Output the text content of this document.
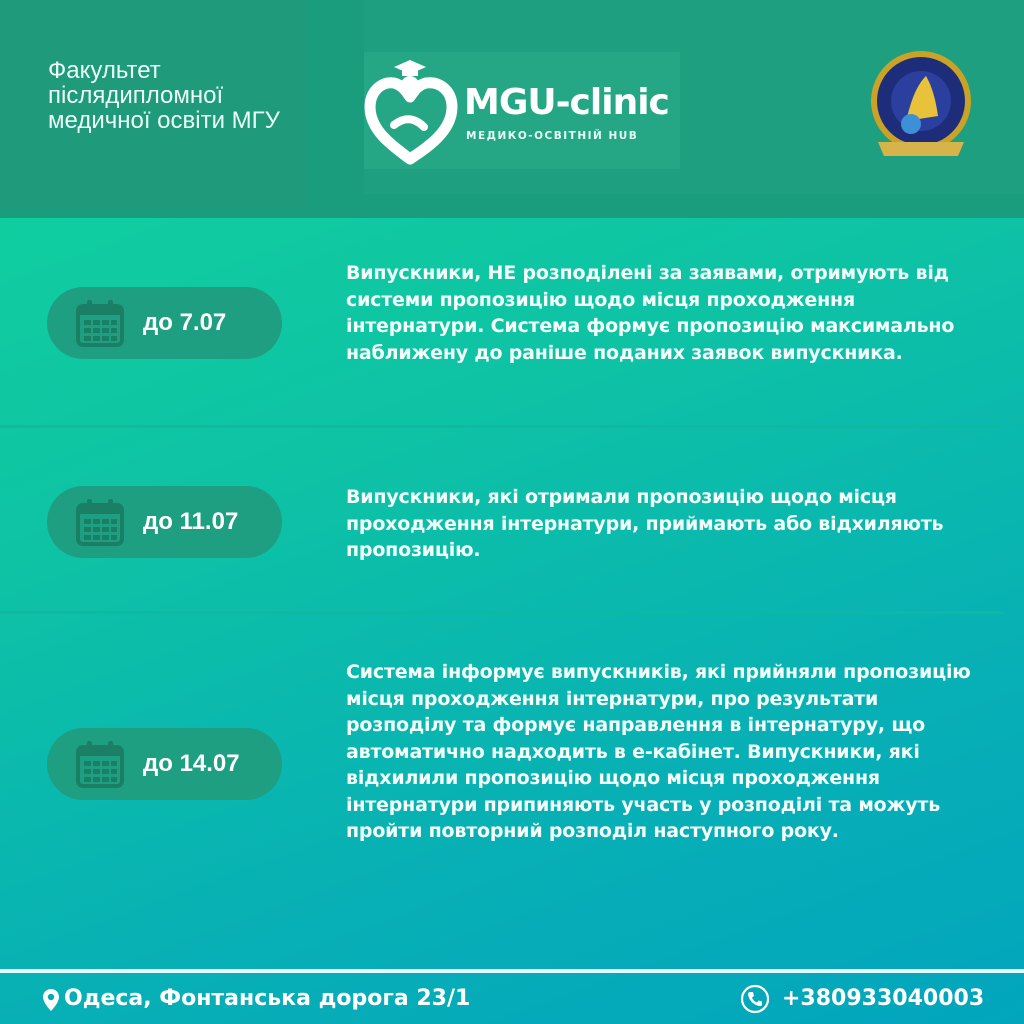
Факультет післядипломної медичної освіти МГУ	MGU-clinic
МЕДИКО-ОСВІТНІЙ HUB
до 7.07
Випускники, НЕ розподілені за заявами, отримують від системи пропозицію щодо місця проходження інтернатури. Система формує пропозицію максимально наближену до раніше поданих заявок випускника.
до 11.07
Випускники, які отримали пропозицію щодо місця проходження інтернатури, приймають або відхиляють пропозицію.
до 14.07
Система інформує випускників, які прийняли пропозицію місця проходження інтернатури, про результати розподілу та формує направлення в інтернатуру, що автоматично надходить в е-кабінет. Випускники, які відхилили пропозицію щодо місця проходження інтернатури припиняють участь у розподілі та можуть пройти повторний розподіл наступного року.
Одеса, Фонтанська дорога 23/1	+380933040003
